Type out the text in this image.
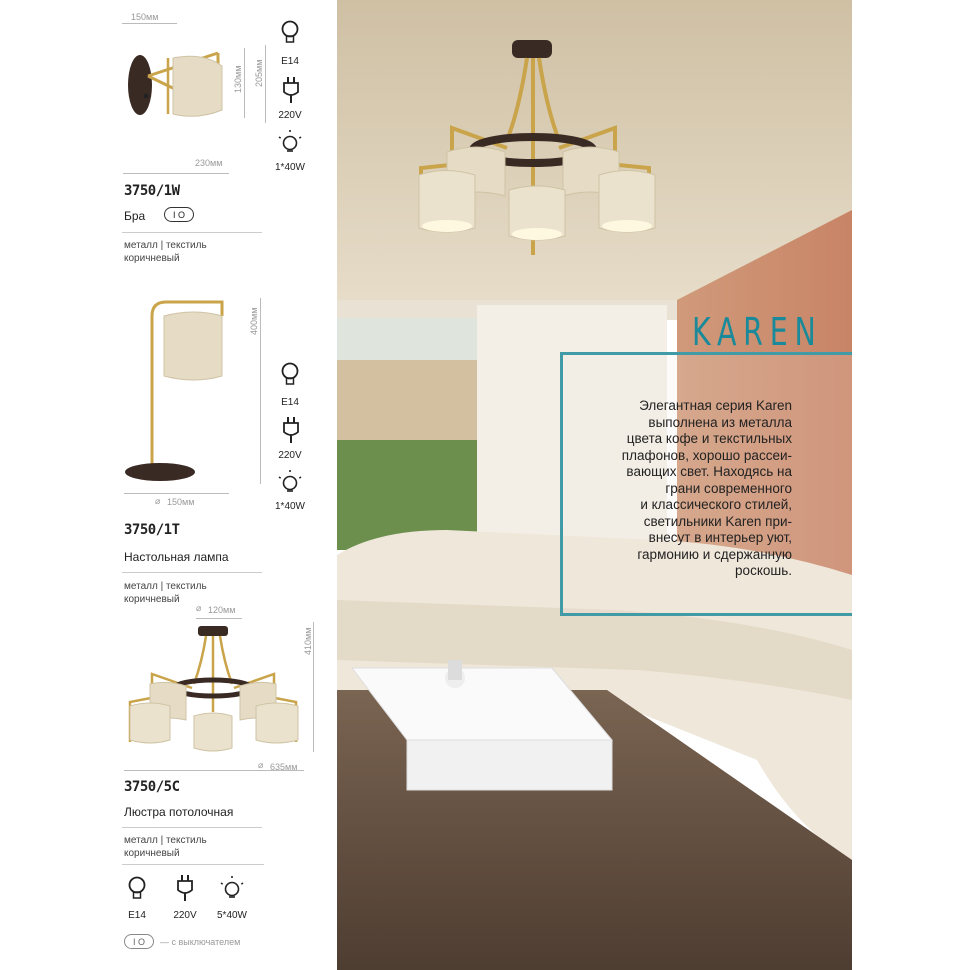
150мм
130мм 205мм
230мм
3750/1W
Бра	I O
металл | текстиль
коричневый
E14
220V
1*40W
400мм
⌀ 150мм
3750/1T
Настольная лампа
металл | текстиль
коричневый
E14
220V
1*40W
⌀ 120мм
410мм
⌀ 635мм
3750/5C
Люстра потолочная
металл | текстиль
коричневый
E14	220V	5*40W
I O — с выключателем
KAREN
Элегантная серия Karen
выполнена из металла
цвета кофе и текстильных
плафонов, хорошо рассеи-
вающих свет. Находясь на
грани современного
и классического стилей,
светильники Karen при-
внесут в интерьер уют,
гармонию и сдержанную
роскошь.
